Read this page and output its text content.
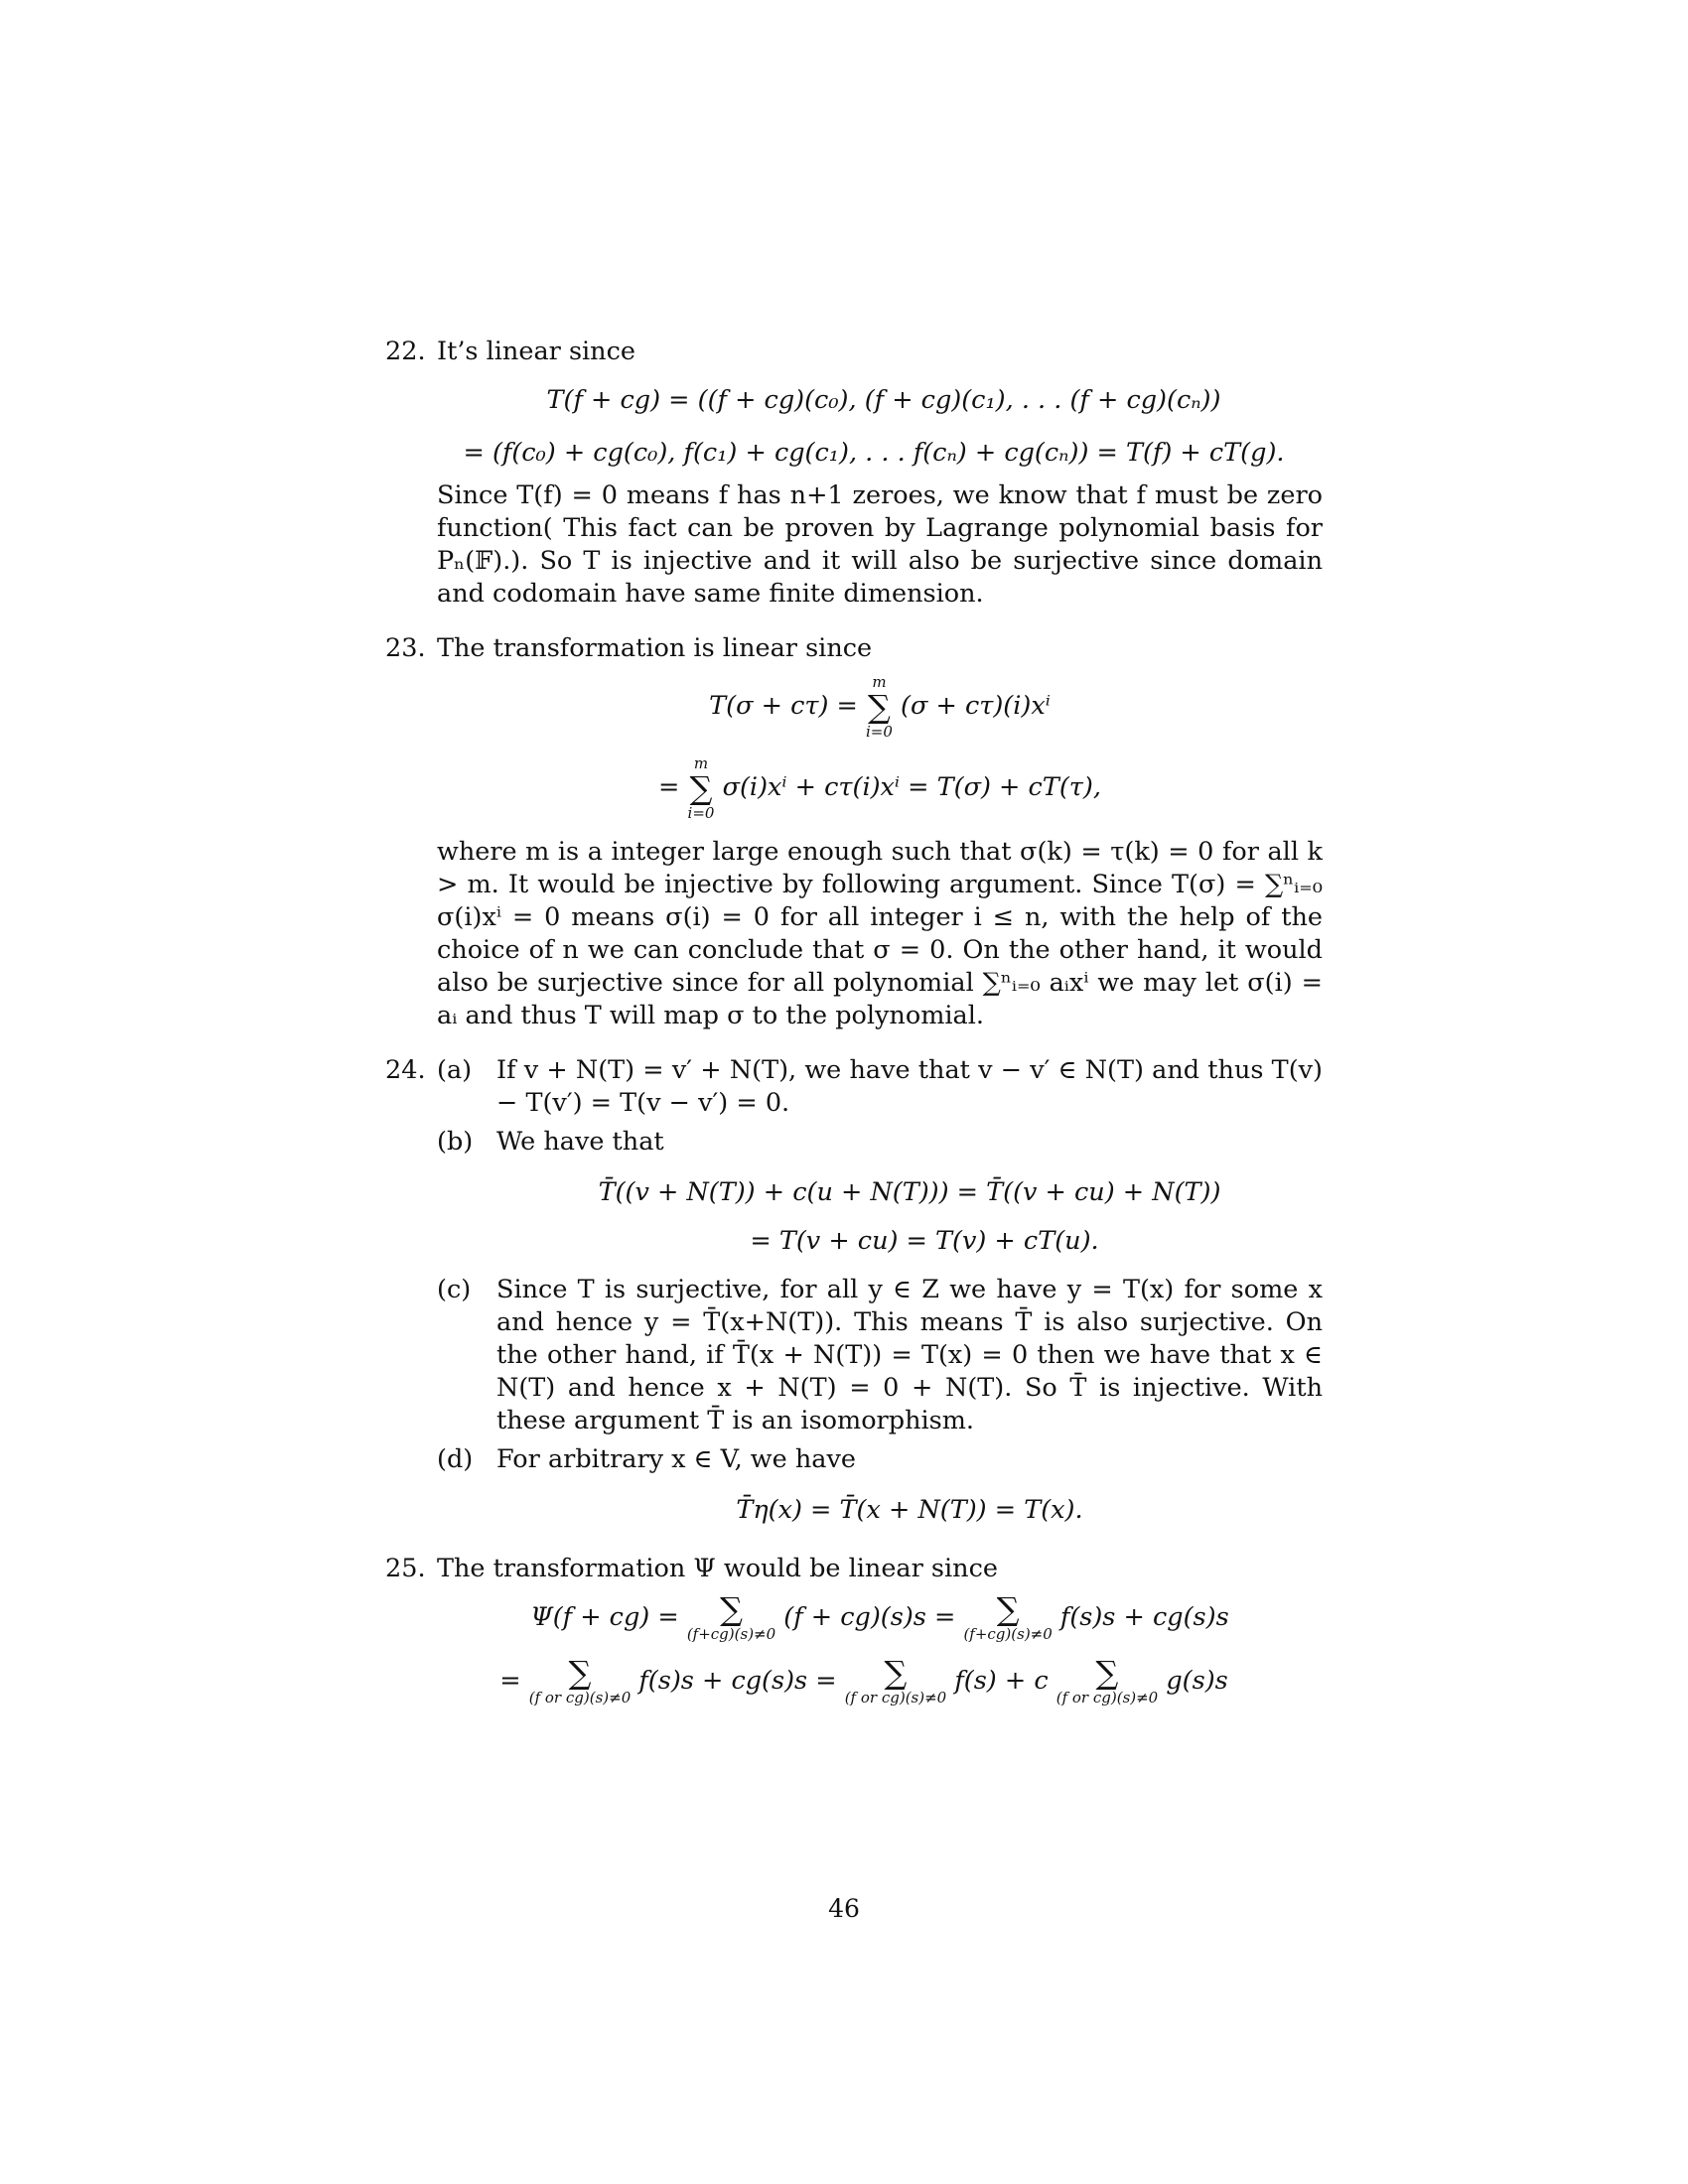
22. It’s linear since

T(f + cg) = ((f + cg)(c₀), (f + cg)(c₁), . . . (f + cg)(cₙ))
= (f(c₀) + cg(c₀), f(c₁) + cg(c₁), . . . f(cₙ) + cg(cₙ)) = T(f) + cT(g).

Since T(f) = 0 means f has n+1 zeroes, we know that f must be zero function( This fact can be proven by Lagrange polynomial basis for Pₙ(𝔽).). So T is injective and it will also be surjective since domain and codomain have same finite dimension.

23. The transformation is linear since

T(σ + cτ) =
m
∑
i=0
(σ + cτ)(i)xⁱ
=
m
∑
i=0
σ(i)xⁱ + cτ(i)xⁱ = T(σ) + cT(τ),

where m is a integer large enough such that σ(k) = τ(k) = 0 for all k > m. It would be injective by following argument. Since T(σ) = ∑ⁿᵢ₌₀ σ(i)xⁱ = 0 means σ(i) = 0 for all integer i ≤ n, with the help of the choice of n we can conclude that σ = 0. On the other hand, it would also be surjective since for all polynomial ∑ⁿᵢ₌₀ aᵢxⁱ we may let σ(i) = aᵢ and thus T will map σ to the polynomial.

24. (a) If v + N(T) = v′ + N(T), we have that v − v′ ∈ N(T) and thus T(v) − T(v′) = T(v − v′) = 0.

(b) We have that

T̄((v + N(T)) + c(u + N(T))) = T̄((v + cu) + N(T))
= T(v + cu) = T(v) + cT(u).
(c) Since T is surjective, for all y ∈ Z we have y = T(x) for some x and hence y = T̄(x+N(T)). This means T̄ is also surjective. On the other hand, if T̄(x + N(T)) = T(x) = 0 then we have that x ∈ N(T) and hence x + N(T) = 0 + N(T). So T̄ is injective. With these argument T̄ is an isomorphism.

(d) For arbitrary x ∈ V, we have

T̄η(x) = T̄(x + N(T)) = T(x).
25. The transformation Ψ would be linear since

Ψ(f + cg) =	∑
(f+cg)(s)≠0
(f + cg)(s)s =	∑
(f+cg)(s)≠0
f(s)s + cg(s)s
=	∑
(f or cg)(s)≠0
f(s)s + cg(s)s =	∑
(f or cg)(s)≠0
f(s) + c	∑
(f or cg)(s)≠0
g(s)s
46
